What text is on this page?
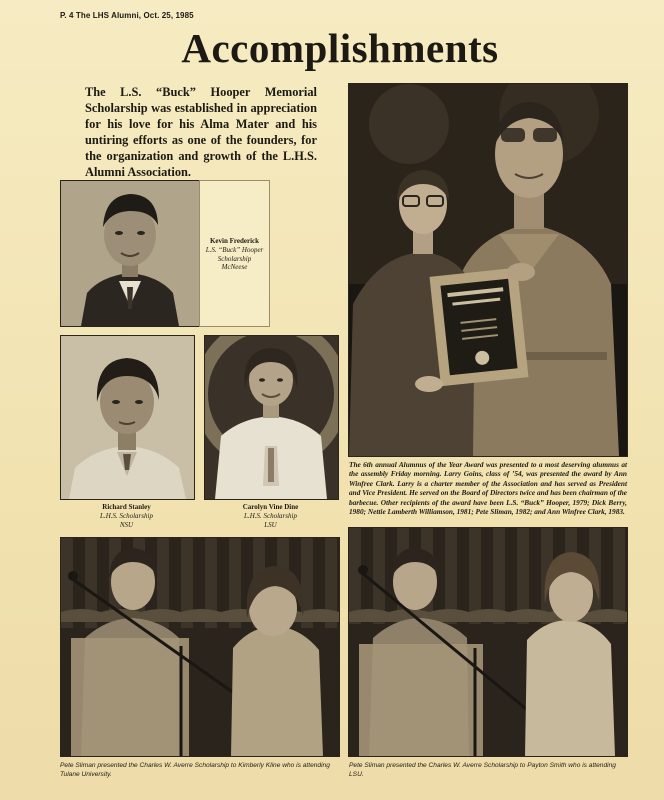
P. 4 The LHS Alumni, Oct. 25, 1985
Accomplishments
The L.S. “Buck” Hooper Memorial Scholarship was established in appreciation for his love for his Alma Mater and his untiring efforts as one of the founders, for the organization and growth of the L.H.S. Alumni Association.
Kevin Frederick
L.S. “Buck” Hooper
Scholarship
McNeese
Richard Stanley
L.H.S. Scholarship
NSU
Carolyn Vine Dine
L.H.S. Scholarship
LSU
The 6th annual Alumnus of the Year Award was presented to a most deserving alumnus at the assembly Friday morning. Larry Goins, class of ’54, was presented the award by Ann Winfree Clark. Larry is a charter member of the Association and has served as President and Vice President. He served on the Board of Directors twice and has been chairman of the barbecue. Other recipients of the award have been L.S. “Buck” Hooper, 1979; Dick Berry, 1980; Nettie Lamberth Williamson, 1981; Pete Sliman, 1982; and Ann Winfree Clark, 1983.
Pete Sliman presented the Charles W. Averre Scholarship to Kimberly Kline who is attending Tulane University.
Pete Sliman presented the Charles W. Averre Scholarship to Payton Smith who is attending LSU.
